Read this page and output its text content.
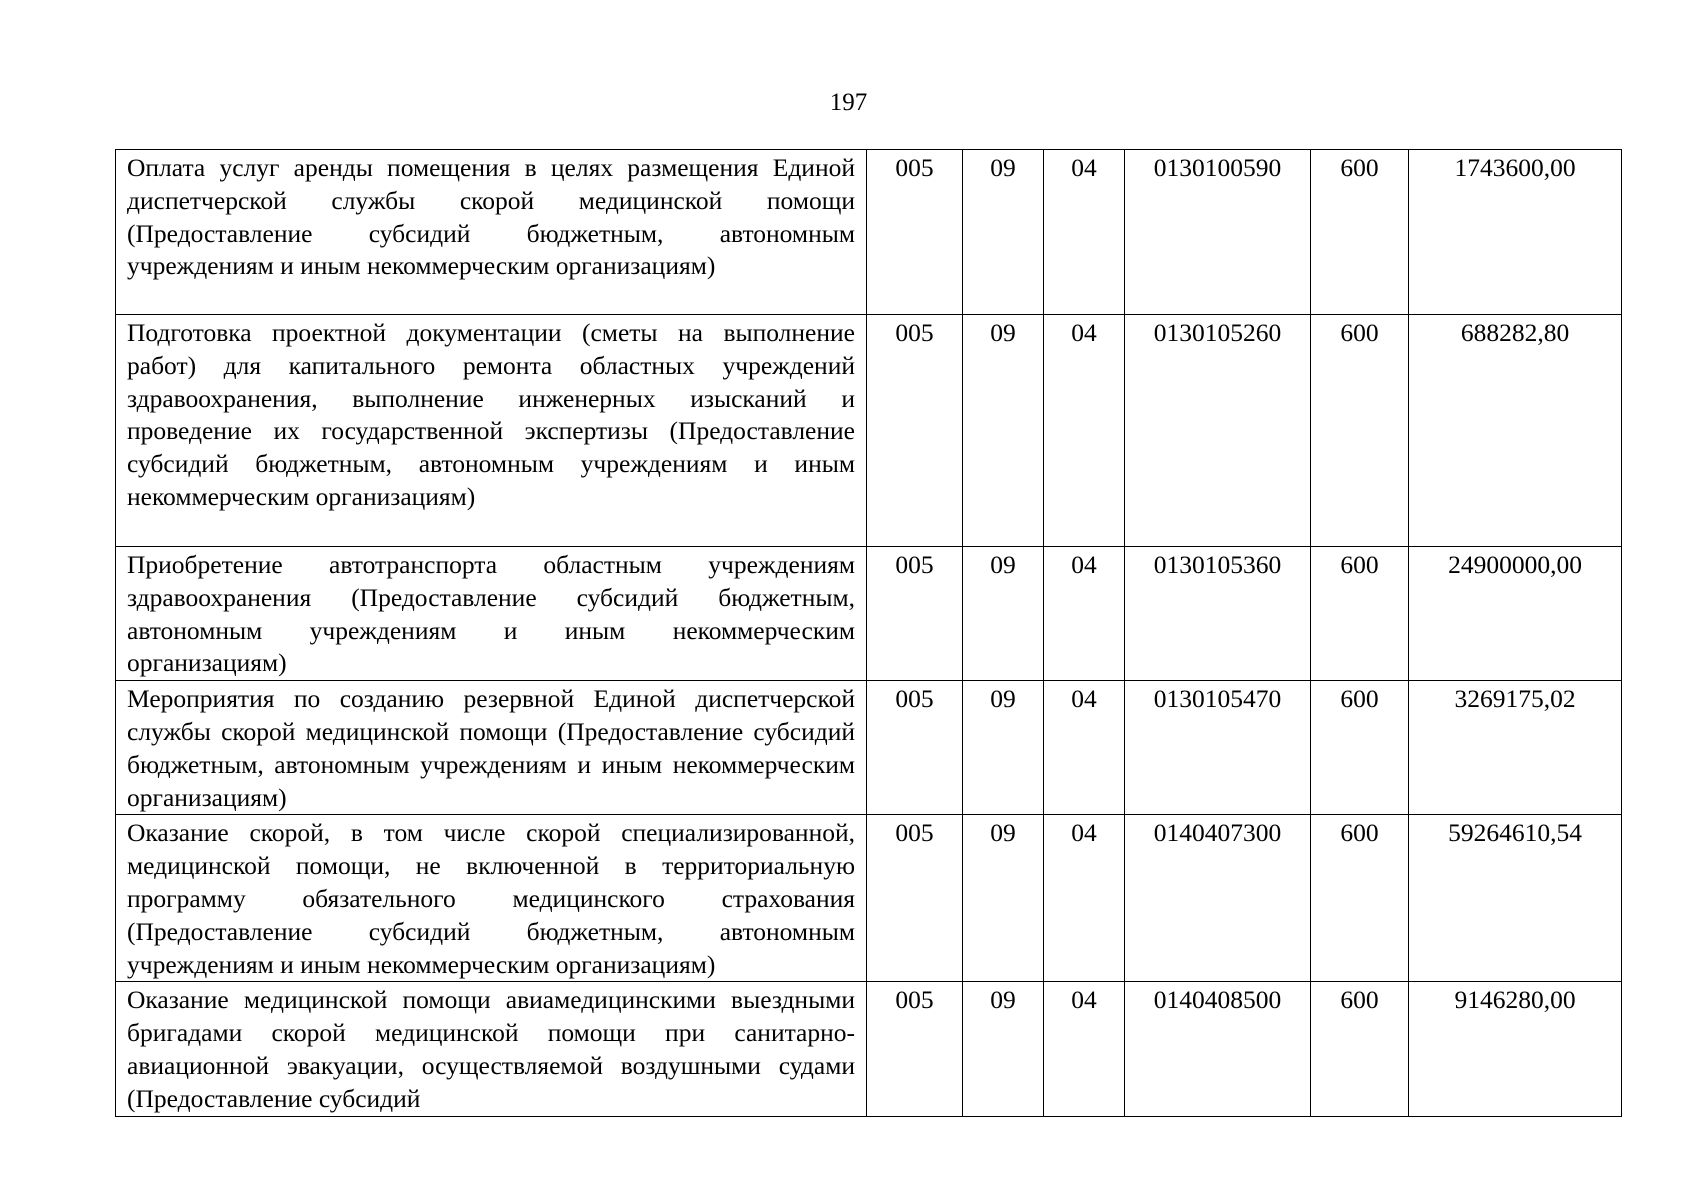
197
Оплата услуг аренды помещения в целях размещения Единой диспетчерской службы скорой медицинской помощи (Предоставление субсидий бюджетным, автономным учреждениям и иным некоммерческим организациям)	005	09	04	0130100590	600	1743600,00
Подготовка проектной документации (сметы на выполнение работ) для капитального ремонта областных учреждений здравоохранения, выполнение инженерных изысканий и проведение их государственной экспертизы (Предоставление субсидий бюджетным, автономным учреждениям и иным некоммерческим организациям)	005	09	04	0130105260	600	688282,80
Приобретение автотранспорта областным учреждениям здравоохранения (Предоставление субсидий бюджетным, автономным учреждениям и иным некоммерческим организациям)	005	09	04	0130105360	600	24900000,00
Мероприятия по созданию резервной Единой диспетчерской службы скорой медицинской помощи (Предоставление субсидий бюджетным, автономным учреждениям и иным некоммерческим организациям)	005	09	04	0130105470	600	3269175,02
Оказание скорой, в том числе скорой специализированной, медицинской помощи, не включенной в территориальную программу обязательного медицинского страхования (Предоставление субсидий бюджетным, автономным учреждениям и иным некоммерческим организациям)	005	09	04	0140407300	600	59264610,54
Оказание медицинской помощи авиамедицинскими выездными бригадами скорой медицинской помощи при санитарно-авиационной эвакуации, осуществляемой воздушными судами (Предоставление субсидий	005	09	04	0140408500	600	9146280,00
